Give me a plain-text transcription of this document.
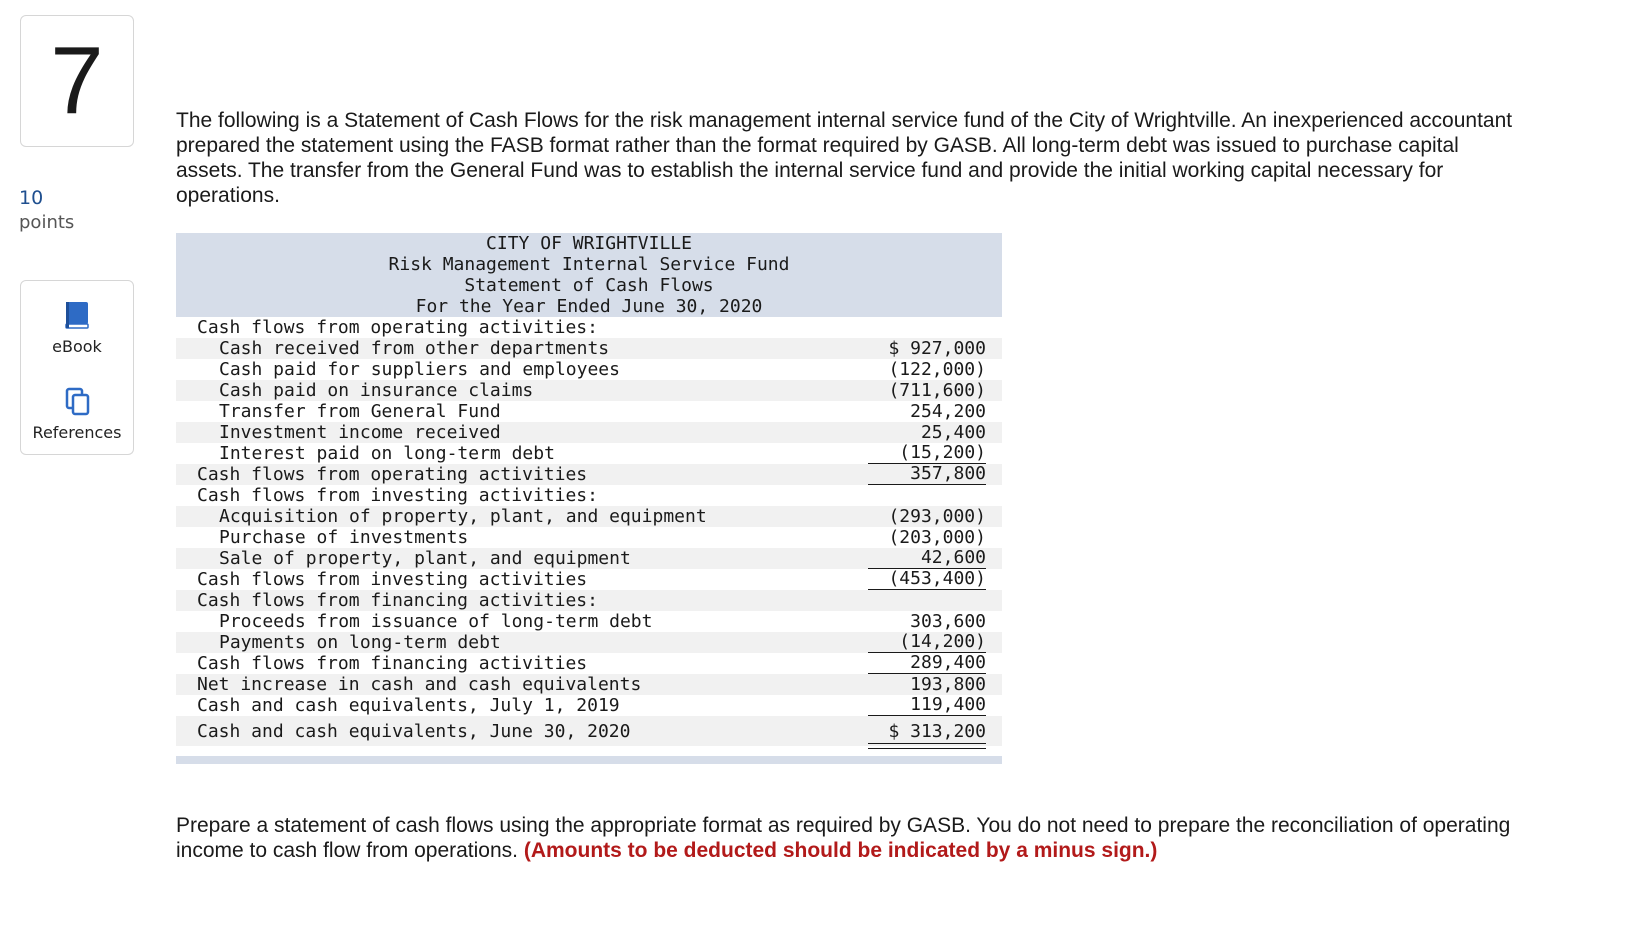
7
10
points
eBook
References
The following is a Statement of Cash Flows for the risk management internal service fund of the City of Wrightville. An inexperienced accountant prepared the statement using the FASB format rather than the format required by GASB. All long-term debt was issued to purchase capital assets. The transfer from the General Fund was to establish the internal service fund and provide the initial working capital necessary for operations.
CITY OF WRIGHTVILLE
Risk Management Internal Service Fund
Statement of Cash Flows
For the Year Ended June 30, 2020
Cash flows from operating activities:
Cash received from other departments	$ 927,000
Cash paid for suppliers and employees	(122,000)
Cash paid on insurance claims	(711,600)
Transfer from General Fund	254,200
Investment income received	25,400
Interest paid on long-term debt	(15,200)
Cash flows from operating activities	357,800
Cash flows from investing activities:
Acquisition of property, plant, and equipment	(293,000)
Purchase of investments	(203,000)
Sale of property, plant, and equipment	42,600
Cash flows from investing activities	(453,400)
Cash flows from financing activities:
Proceeds from issuance of long-term debt	303,600
Payments on long-term debt	(14,200)
Cash flows from financing activities	289,400
Net increase in cash and cash equivalents	193,800
Cash and cash equivalents, July 1, 2019	119,400
Cash and cash equivalents, June 30, 2020	$ 313,200
Prepare a statement of cash flows using the appropriate format as required by GASB. You do not need to prepare the reconciliation of operating income to cash flow from operations. (Amounts to be deducted should be indicated by a minus sign.)
